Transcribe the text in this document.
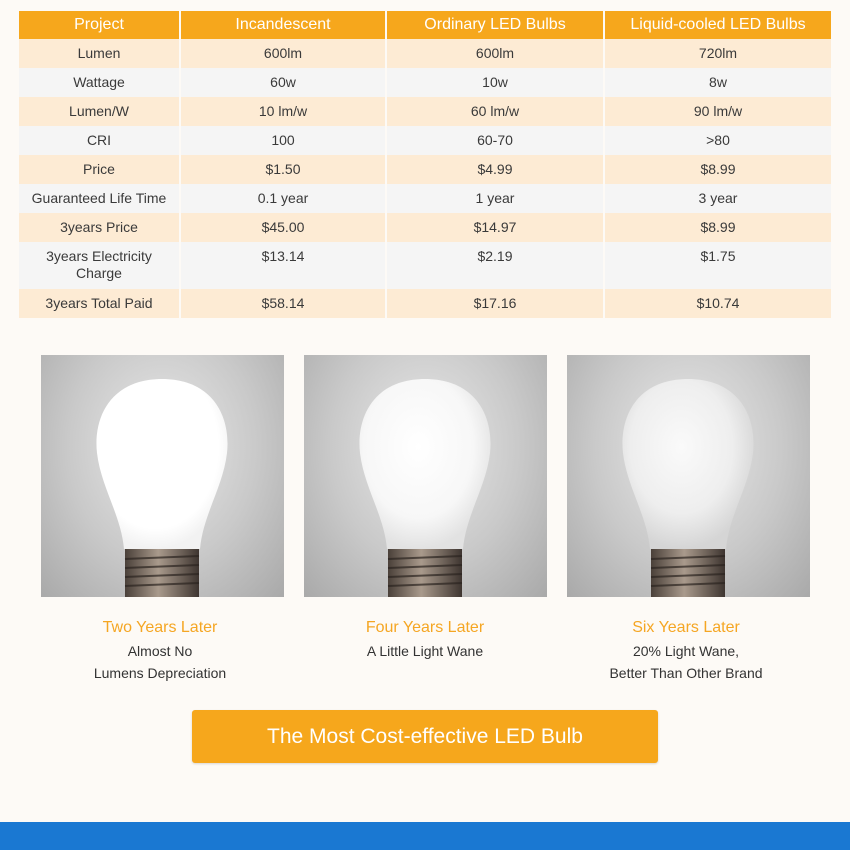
Project	Incandescent	Ordinary LED Bulbs	Liquid-cooled LED Bulbs
Lumen	600lm	600lm	720lm
Wattage	60w	10w	8w
Lumen/W	10 lm/w	60 lm/w	90 lm/w
CRI	100	60-70	>80
Price	$1.50	$4.99	$8.99
Guaranteed Life Time	0.1 year	1 year	3 year
3years Price	$45.00	$14.97	$8.99
3years Electricity Charge	$13.14	$2.19	$1.75
3years Total Paid	$58.14	$17.16	$10.74
Two Years Later
Almost No
Lumens Depreciation
Four Years Later
A Little Light Wane
Six Years Later
20% Light Wane,
Better Than Other Brand
The Most Cost-effective LED Bulb
